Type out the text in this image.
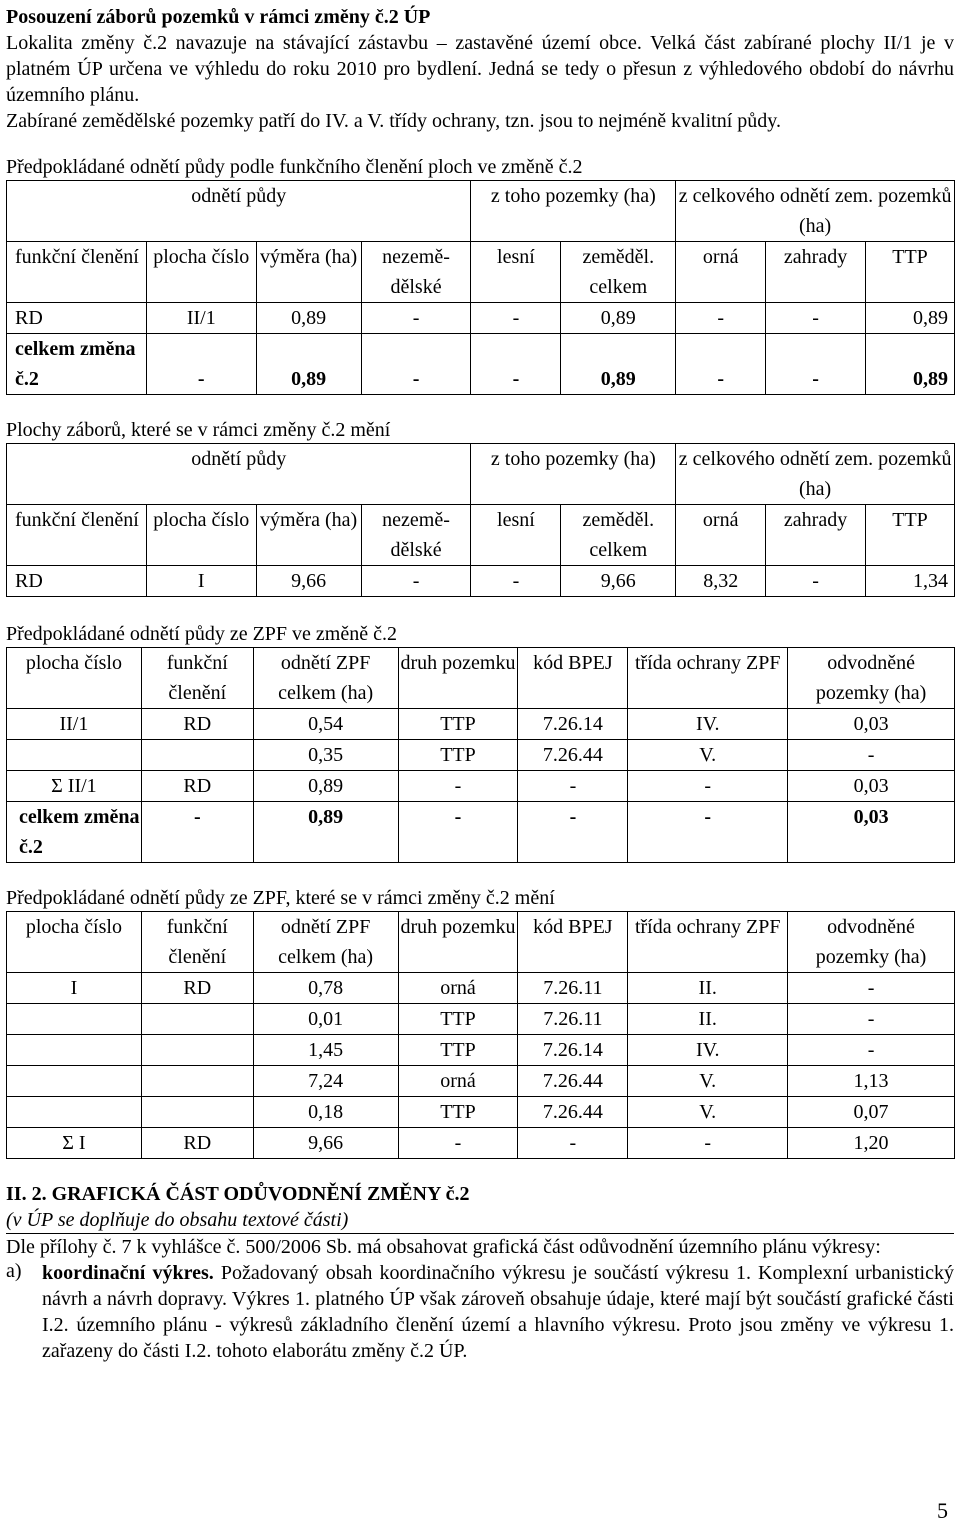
Posouzení záborů pozemků v rámci změny č.2 ÚP

Lokalita změny č.2 navazuje na stávající zástavbu – zastavěné území obce. Velká část zabírané plochy II/1 je v platném ÚP určena ve výhledu do roku 2010 pro bydlení. Jedná se tedy o přesun z výhledového období do návrhu územního plánu.

Zabírané zemědělské pozemky patří do IV. a V. třídy ochrany, tzn. jsou to nejméně kvalitní půdy.

Předpokládané odnětí půdy podle funkčního členění ploch ve změně č.2
odnětí půdy				z toho pozemky (ha)		z celkového odnětí zem. pozemků (ha)		
funkční členění	plocha číslo	výměra (ha)	nezemě-dělské	lesní	zeměděl. celkem	orná	zahrady	TTP
RD	II/1	0,89	-	-	0,89	-	-	0,89
celkem změna č.2	-	0,89	-	-	0,89	-	-	0,89
Plochy záborů, které se v rámci změny č.2 mění
odnětí půdy				z toho pozemky (ha)		z celkového odnětí zem. pozemků (ha)		
funkční členění	plocha číslo	výměra (ha)	nezemě-dělské	lesní	zeměděl. celkem	orná	zahrady	TTP
RD	I	9,66	-	-	9,66	8,32	-	1,34
Předpokládané odnětí půdy ze ZPF ve změně č.2
plocha číslo	funkční členění	odnětí ZPF celkem (ha)	druh pozemku	kód BPEJ	třída ochrany ZPF	odvodněné pozemky (ha)
II/1	RD	0,54	TTP	7.26.14	IV.	0,03
		0,35	TTP	7.26.44	V.	-
Σ II/1	RD	0,89	-	-	-	0,03
celkem změna č.2	-	0,89	-	-	-	0,03
Předpokládané odnětí půdy ze ZPF, které se v rámci změny č.2 mění
plocha číslo	funkční členění	odnětí ZPF celkem (ha)	druh pozemku	kód BPEJ	třída ochrany ZPF	odvodněné pozemky (ha)
I	RD	0,78	orná	7.26.11	II.	-
		0,01	TTP	7.26.11	II.	-
		1,45	TTP	7.26.14	IV.	-
		7,24	orná	7.26.44	V.	1,13
		0,18	TTP	7.26.44	V.	0,07
Σ I	RD	9,66	-	-	-	1,20
II. 2. GRAFICKÁ ČÁST ODŮVODNĚNÍ ZMĚNY č.2
(v ÚP se doplňuje do obsahu textové části)

Dle přílohy č. 7 k vyhlášce č. 500/2006 Sb. má obsahovat grafická část odůvodnění územního plánu výkresy:

a)	koordinační výkres. Požadovaný obsah koordinačního výkresu je součástí výkresu 1. Komplexní urbanistický návrh a návrh dopravy. Výkres 1. platného ÚP však zároveň obsahuje údaje, které mají být součástí grafické části I.2. územního plánu - výkresů základního členění území a hlavního výkresu. Proto jsou změny ve výkresu 1. zařazeny do části I.2. tohoto elaborátu změny č.2 ÚP.
5
